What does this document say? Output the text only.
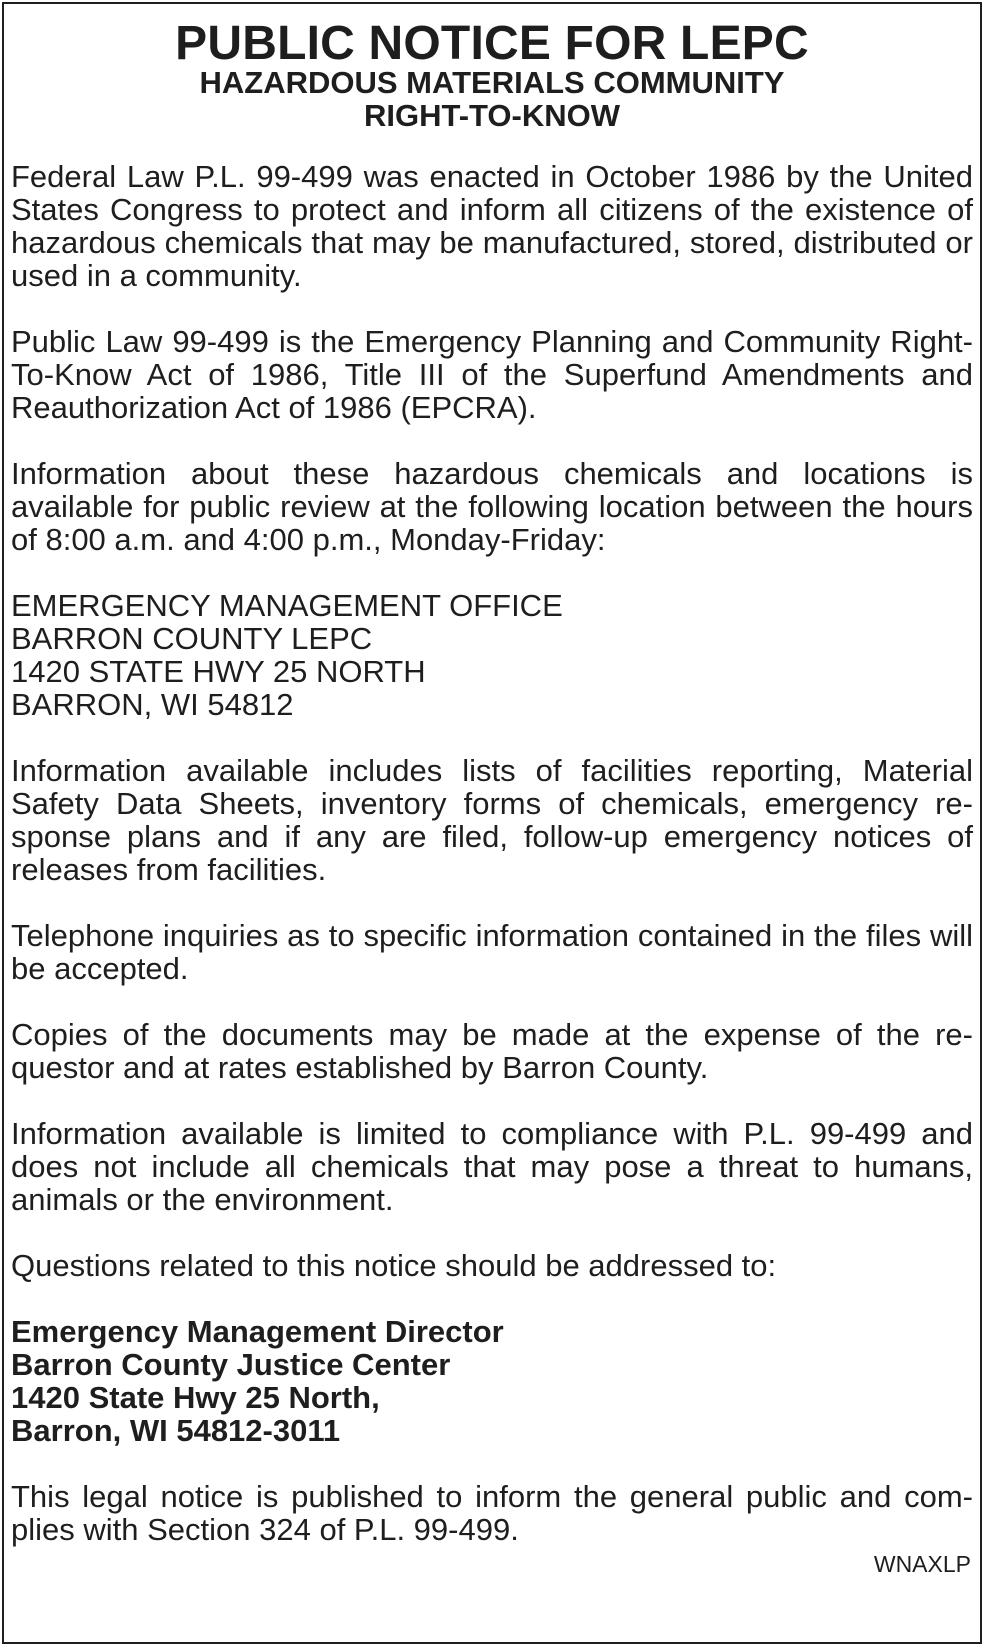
PUBLIC NOTICE FOR LEPC
HAZARDOUS MATERIALS COMMUNITY
RIGHT-TO-KNOW

Federal Law P.L. 99-499 was enacted in October 1986 by the United States Congress to protect and inform all citizens of the existence of hazardous chemicals that may be manufactured, stored, distributed or used in a community.

Public Law 99-499 is the Emergency Planning and Community Right-To-Know Act of 1986, Title III of the Superfund Amendments and Reauthorization Act of 1986 (EPCRA).

Information about these hazardous chemicals and locations is available for public review at the following location between the hours of 8:00 a.m. and 4:00 p.m., Monday-Friday:

EMERGENCY MANAGEMENT OFFICE
BARRON COUNTY LEPC
1420 STATE HWY 25 NORTH
BARRON, WI 54812

Information available includes lists of facilities reporting, Material Safety Data Sheets, inventory forms of chemicals, emergency response plans and if any are filed, follow-up emergency notices of releases from facilities.

Telephone inquiries as to specific information contained in the files will be accepted.

Copies of the documents may be made at the expense of the requestor and at rates established by Barron County.

Information available is limited to compliance with P.L. 99-499 and does not include all chemicals that may pose a threat to humans, animals or the environment.

Questions related to this notice should be addressed to:

Emergency Management Director
Barron County Justice Center
1420 State Hwy 25 North,
Barron, WI 54812-3011

This legal notice is published to inform the general public and complies with Section 324 of P.L. 99-499.

WNAXLP
